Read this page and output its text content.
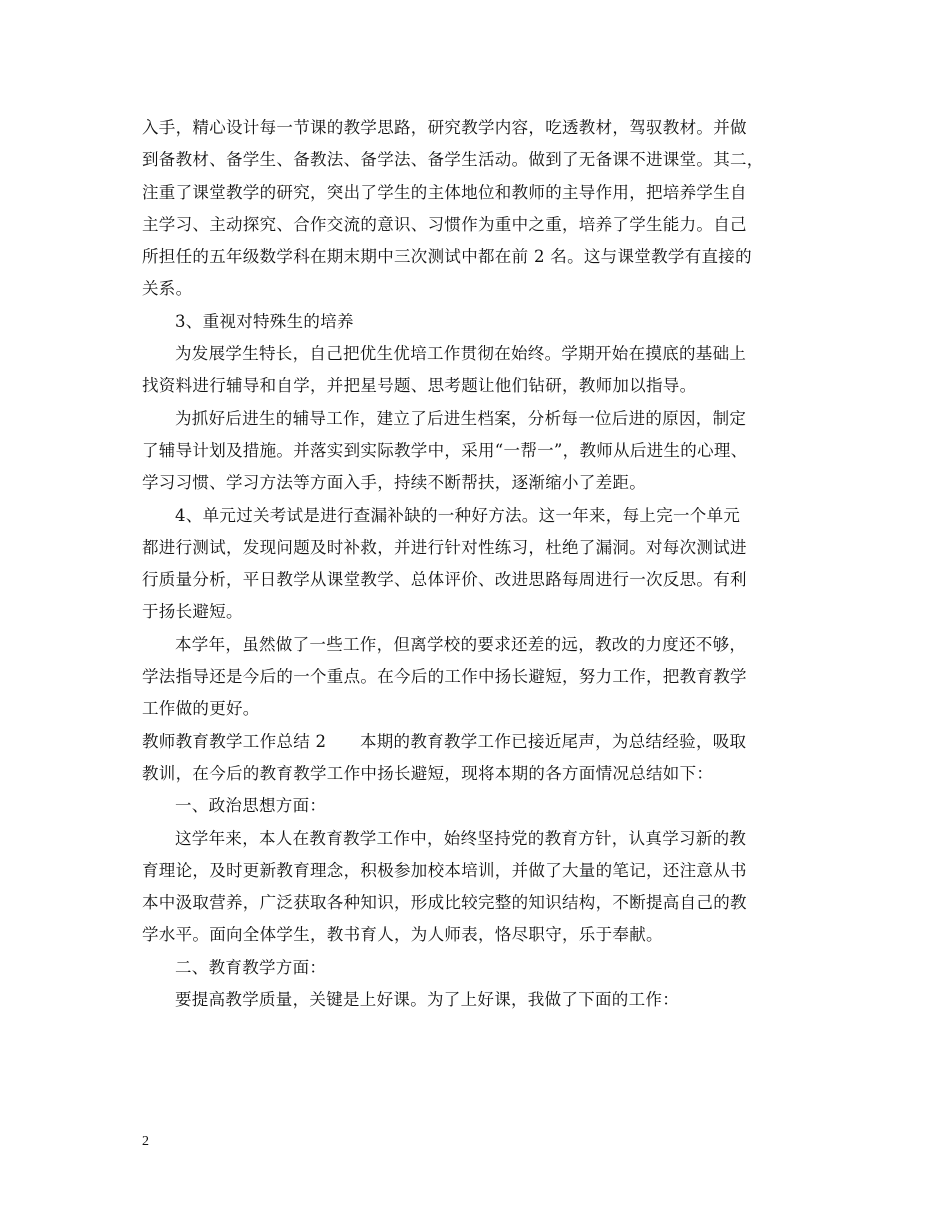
入手，精心设计每一节课的教学思路，研究教学内容，吃透教材，驾驭教材。并做
到备教材、备学生、备教法、备学法、备学生活动。做到了无备课不进课堂。其二，
注重了课堂教学的研究，突出了学生的主体地位和教师的主导作用，把培养学生自
主学习、主动探究、合作交流的意识、习惯作为重中之重，培养了学生能力。自己
所担任的五年级数学科在期末期中三次测试中都在前 2 名。这与课堂教学有直接的
关系。
3、重视对特殊生的培养
为发展学生特长，自己把优生优培工作贯彻在始终。学期开始在摸底的基础上
找资料进行辅导和自学，并把星号题、思考题让他们钻研，教师加以指导。
为抓好后进生的辅导工作，建立了后进生档案，分析每一位后进的原因，制定
了辅导计划及措施。并落实到实际教学中，采用“一帮一”，教师从后进生的心理、
学习习惯、学习方法等方面入手，持续不断帮扶，逐渐缩小了差距。
4、单元过关考试是进行查漏补缺的一种好方法。这一年来，每上完一个单元
都进行测试，发现问题及时补救，并进行针对性练习，杜绝了漏洞。对每次测试进
行质量分析，平日教学从课堂教学、总体评价、改进思路每周进行一次反思。有利
于扬长避短。
本学年，虽然做了一些工作，但离学校的要求还差的远，教改的力度还不够，
学法指导还是今后的一个重点。在今后的工作中扬长避短，努力工作，把教育教学
工作做的更好。
教师教育教学工作总结 2　　本期的教育教学工作已接近尾声，为总结经验，吸取
教训，在今后的教育教学工作中扬长避短，现将本期的各方面情况总结如下：
一、政治思想方面：
这学年来，本人在教育教学工作中，始终坚持党的教育方针，认真学习新的教
育理论，及时更新教育理念，积极参加校本培训，并做了大量的笔记，还注意从书
本中汲取营养，广泛获取各种知识，形成比较完整的知识结构，不断提高自己的教
学水平。面向全体学生，教书育人，为人师表，恪尽职守，乐于奉献。
二、教育教学方面：
要提高教学质量，关键是上好课。为了上好课，我做了下面的工作：
2
